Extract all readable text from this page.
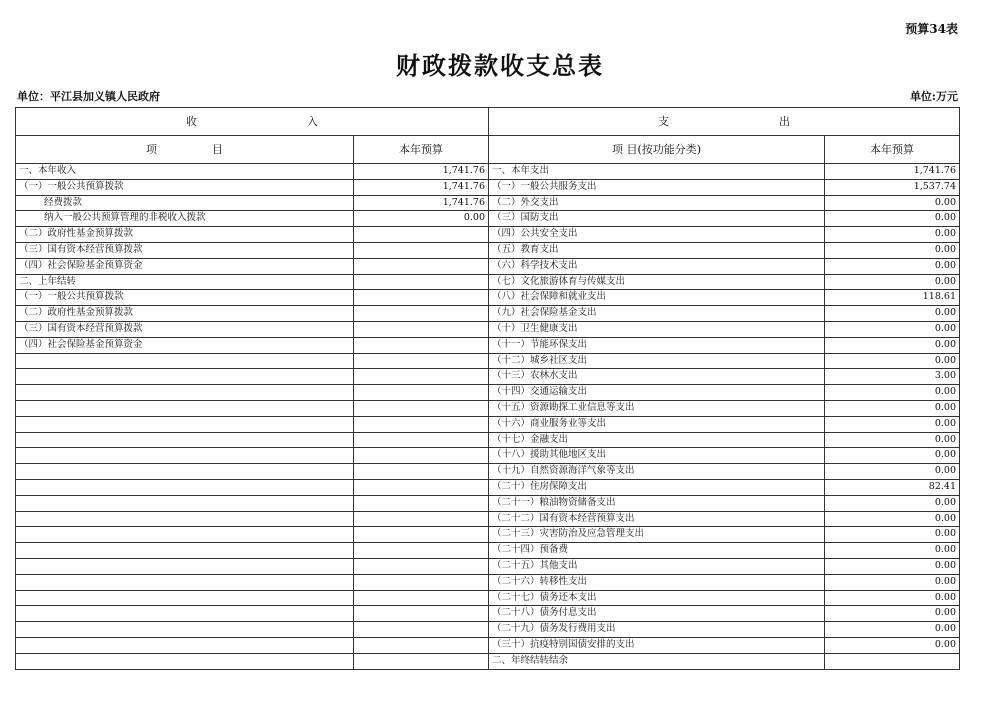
预算34表
财政拨款收支总表
单位：平江县加义镇人民政府	单位:万元
收　　　　　　　　　　入		支　　　　　　　　　　出	
项　　　　　目	本年预算	项 目(按功能分类)	本年预算
一、本年收入	1,741.76	一、本年支出	1,741.76
（一）一般公共预算拨款	1,741.76	（一）一般公共服务支出	1,537.74
经费拨款	1,741.76	（二）外交支出	0.00
纳入一般公共预算管理的非税收入拨款	0.00	（三）国防支出	0.00
（二）政府性基金预算拨款		（四）公共安全支出	0.00
（三）国有资本经营预算拨款		（五）教育支出	0.00
（四）社会保险基金预算资金		（六）科学技术支出	0.00
二、上年结转		（七）文化旅游体育与传媒支出	0.00
（一）一般公共预算拨款		（八）社会保障和就业支出	118.61
（二）政府性基金预算拨款		（九）社会保险基金支出	0.00
（三）国有资本经营预算拨款		（十）卫生健康支出	0.00
（四）社会保险基金预算资金		（十一）节能环保支出	0.00
		（十二）城乡社区支出	0.00
		（十三）农林水支出	3.00
		（十四）交通运输支出	0.00
		（十五）资源勘探工业信息等支出	0.00
		（十六）商业服务业等支出	0.00
		（十七）金融支出	0.00
		（十八）援助其他地区支出	0.00
		（十九）自然资源海洋气象等支出	0.00
		（二十）住房保障支出	82.41
		（二十一）粮油物资储备支出	0.00
		（二十二）国有资本经营预算支出	0.00
		（二十三）灾害防治及应急管理支出	0.00
		（二十四）预备费	0.00
		（二十五）其他支出	0.00
		（二十六）转移性支出	0.00
		（二十七）债务还本支出	0.00
		（二十八）债务付息支出	0.00
		（二十九）债务发行费用支出	0.00
		（三十）抗疫特别国债安排的支出	0.00
		二、年终结转结余	
